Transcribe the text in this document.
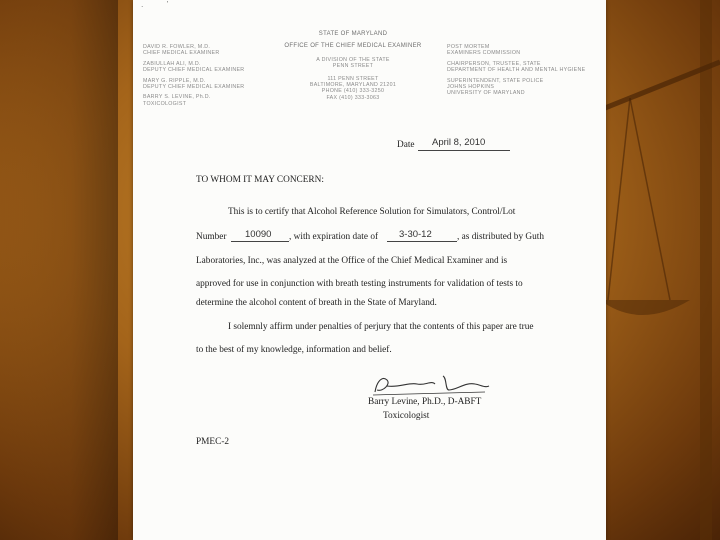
·	'
DAVID R. FOWLER, M.D.
CHIEF MEDICAL EXAMINER
ZABIULLAH ALI, M.D.
DEPUTY CHIEF MEDICAL EXAMINER
MARY G. RIPPLE, M.D.
DEPUTY CHIEF MEDICAL EXAMINER
BARRY S. LEVINE, Ph.D.
TOXICOLOGIST
STATE OF MARYLAND
OFFICE OF THE CHIEF MEDICAL EXAMINER
A DIVISION OF THE STATE
PENN STREET
111 PENN STREET
BALTIMORE, MARYLAND 21201
PHONE (410) 333-3250
FAX (410) 333-3063
POST MORTEM
EXAMINERS COMMISSION
CHAIRPERSON, TRUSTEE, STATE
DEPARTMENT OF HEALTH AND MENTAL HYGIENE
SUPERINTENDENT, STATE POLICE
JOHNS HOPKINS
UNIVERSITY OF MARYLAND
Date April 8, 2010
TO WHOM IT MAY CONCERN:
This is to certify that Alcohol Reference Solution for Simulators, Control/Lot
Number 10090 , with expiration date of 3-30-12	, as distributed by Guth
Laboratories, Inc., was analyzed at the Office of the Chief Medical Examiner and is
approved for use in conjunction with breath testing instruments for validation of tests to
determine the alcohol content of breath in the State of Maryland.
I solemnly affirm under penalties of perjury that the contents of this paper are true
to the best of my knowledge, information and belief.
Barry Levine, Ph.D., D-ABFT
Toxicologist
PMEC-2
